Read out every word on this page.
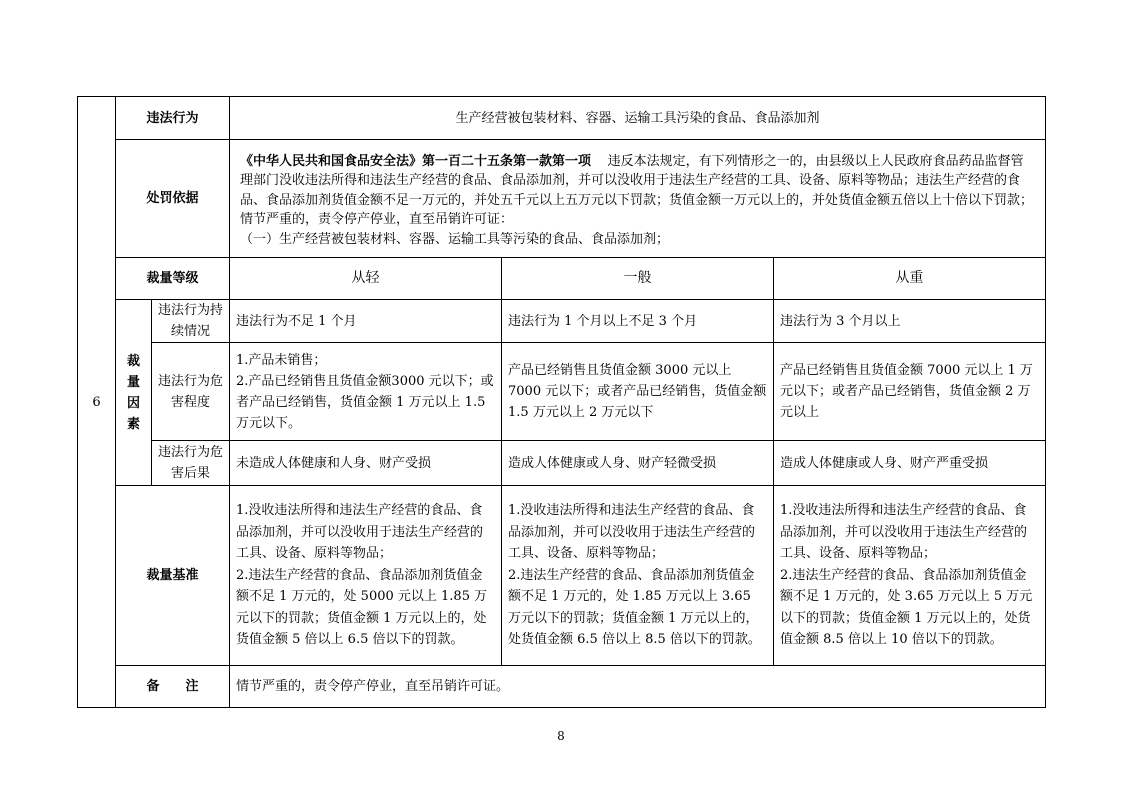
6	违法行为		生产经营被包装材料、容器、运输工具污染的食品、食品添加剂		
	处罚依据		《中华人民共和国食品安全法》第一百二十五条第一款第一项 违反本法规定，有下列情形之一的，由县级以上人民政府食品药品监督管理部门没收违法所得和违法生产经营的食品、食品添加剂，并可以没收用于违法生产经营的工具、设备、原料等物品；违法生产经营的食品、食品添加剂货值金额不足一万元的，并处五千元以上五万元以下罚款；货值金额一万元以上的，并处货值金额五倍以上十倍以下罚款；情节严重的，责令停产停业，直至吊销许可证：

（一）生产经营被包装材料、容器、运输工具等污染的食品、食品添加剂；		

	裁量等级		从轻	一般	从重

	裁
量
因
素	违法行为持续情况	违法行为不足 1 个月	违法行为 1 个月以上不足 3 个月	违法行为 3 个月以上
		违法行为危害程度	1.产品未销售；
2.产品已经销售且货值金额3000 元以下；或者产品已经销售，货值金额 1 万元以上 1.5 万元以下。	产品已经销售且货值金额 3000 元以上 7000 元以下；或者产品已经销售，货值金额 1.5 万元以上 2 万元以下	产品已经销售且货值金额 7000 元以上 1 万元以下；或者产品已经销售，货值金额 2 万元以上
		违法行为危害后果	未造成人体健康和人身、财产受损	造成人体健康或人身、财产轻微受损	造成人体健康或人身、财产严重受损
	裁量基准		1.没收违法所得和违法生产经营的食品、食品添加剂，并可以没收用于违法生产经营的工具、设备、原料等物品；
2.违法生产经营的食品、食品添加剂货值金额不足 1 万元的，处 5000 元以上 1.85 万元以下的罚款；货值金额 1 万元以上的，处货值金额 5 倍以上 6.5 倍以下的罚款。	1.没收违法所得和违法生产经营的食品、食品添加剂，并可以没收用于违法生产经营的工具、设备、原料等物品；
2.违法生产经营的食品、食品添加剂货值金额不足 1 万元的，处 1.85 万元以上 3.65 万元以下的罚款；货值金额 1 万元以上的，处货值金额 6.5 倍以上 8.5 倍以下的罚款。	1.没收违法所得和违法生产经营的食品、食品添加剂，并可以没收用于违法生产经营的工具、设备、原料等物品；
2.违法生产经营的食品、食品添加剂货值金额不足 1 万元的，处 3.65 万元以上 5 万元以下的罚款；货值金额 1 万元以上的，处货值金额 8.5 倍以上 10 倍以下的罚款。
	备　　注		情节严重的，责令停产停业，直至吊销许可证。		
8
